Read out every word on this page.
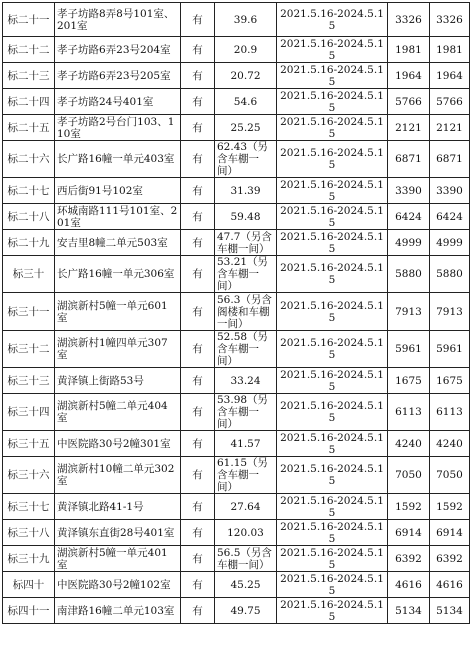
标二十一	孝子坊路8弄8号101室、201室	有	39.6	2021.5.16-2024.5.15	3326	3326
标二十二	孝子坊路6弄23号204室	有	20.9	2021.5.16-2024.5.15	1981	1981
标二十三	孝子坊路6弄23号205室	有	20.72	2021.5.16-2024.5.15	1964	1964
标二十四	孝子坊路24号401室	有	54.6	2021.5.16-2024.5.15	5766	5766
标二十五	孝子坊路2号台门103、110室	有	25.25	2021.5.16-2024.5.15	2121	2121
标二十六	长广路16幢一单元403室	有	62.43（另含车棚一间）	2021.5.16-2024.5.15	6871	6871
标二十七	西后街91号102室	有	31.39	2021.5.16-2024.5.15	3390	3390
标二十八	环城南路111号101室、201室	有	59.48	2021.5.16-2024.5.15	6424	6424
标二十九	安吉里8幢二单元503室	有	47.7（另含车棚一间）	2021.5.16-2024.5.15	4999	4999
标三十	长广路16幢一单元306室	有	53.21（另含车棚一间）	2021.5.16-2024.5.15	5880	5880
标三十一	湖滨新村5幢一单元601室	有	56.3（另含阁楼和车棚一间）	2021.5.16-2024.5.15	7913	7913
标三十二	湖滨新村1幢四单元307室	有	52.58（另含车棚一间）	2021.5.16-2024.5.15	5961	5961
标三十三	黄泽镇上街路53号	有	33.24	2021.5.16-2024.5.15	1675	1675
标三十四	湖滨新村5幢二单元404室	有	53.98（另含车棚一间）	2021.5.16-2024.5.15	6113	6113
标三十五	中医院路30号2幢301室	有	41.57	2021.5.16-2024.5.15	4240	4240
标三十六	湖滨新村10幢二单元302室	有	61.15（另含车棚一间）	2021.5.16-2024.5.15	7050	7050
标三十七	黄泽镇北路41-1号	有	27.64	2021.5.16-2024.5.15	1592	1592
标三十八	黄泽镇东直街28号401室	有	120.03	2021.5.16-2024.5.15	6914	6914
标三十九	湖滨新村5幢一单元401室	有	56.5（另含车棚一间）	2021.5.16-2024.5.15	6392	6392
标四十	中医院路30号2幢102室	有	45.25	2021.5.16-2024.5.15	4616	4616
标四十一	南津路16幢二单元103室	有	49.75	2021.5.16-2024.5.15	5134	5134
